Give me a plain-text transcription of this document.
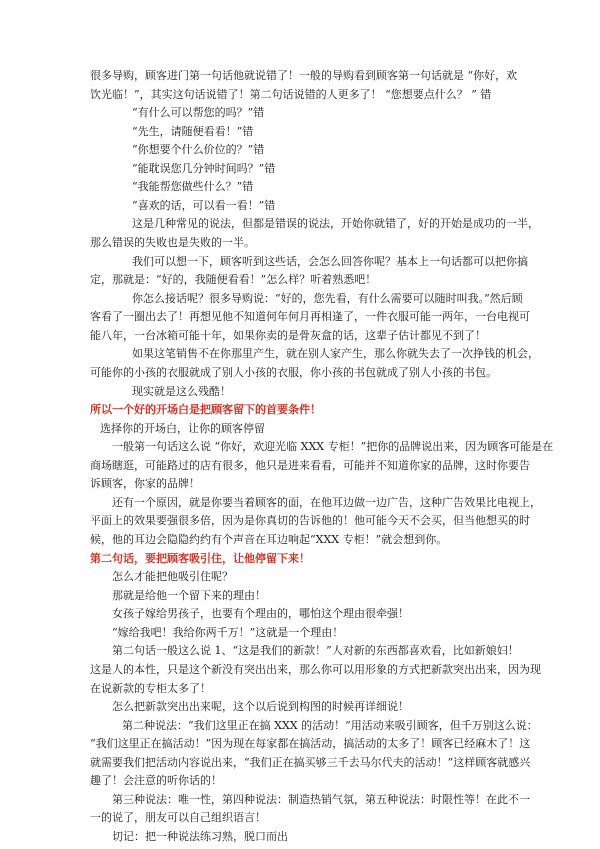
很多导购，顾客进门第一句话他就说错了！一般的导购看到顾客第一句话就是 “你好，欢
饮光临！”，其实这句话说错了！第二句话说错的人更多了！ “您想要点什么？ ” 错
“有什么可以帮您的吗？”错
“先生，请随便看看！”错
“你想要个什么价位的？”错
“能耽误您几分钟时间吗？”错
“我能帮您做些什么？”错
“喜欢的话，可以看一看！”错
这是几种常见的说法，但都是错误的说法，开始你就错了，好的开始是成功的一半，
那么错误的失败也是失败的一半。
我们可以想一下，顾客听到这些话，会怎么回答你呢？基本上一句话都可以把你搞
定，那就是：“好的，我随便看看！”怎么样？听着熟悉吧！
你怎么接话呢？很多导购说：“好的，您先看，有什么需要可以随时叫我。”然后顾
客看了一圈出去了！再想见他不知道何年何月再相逢了，一件衣服可能一两年，一台电视可
能八年，一台冰箱可能十年，如果你卖的是骨灰盒的话，这辈子估计都见不到了！
如果这笔销售不在你那里产生，就在别人家产生，那么你就失去了一次挣钱的机会，
可能你的小孩的衣服就成了别人小孩的衣服，你小孩的书包就成了别人小孩的书包。
现实就是这么残酷！
所以一个好的开场白是把顾客留下的首要条件！
选择你的开场白，让你的顾客停留
一般第一句话这么说 “你好，欢迎光临 XXX 专柜！”把你的品牌说出来，因为顾客可能是在
商场瞎逛，可能路过的店有很多，他只是进来看看，可能并不知道你家的品牌，这时你要告
诉顾客，你家的品牌！
还有一个原因，就是你要当着顾客的面，在他耳边做一边广告，这种广告效果比电视上，
平面上的效果要强很多倍，因为是你真切的告诉他的！他可能今天不会买，但当他想买的时
候，他的耳边会隐隐约约有个声音在耳边响起“XXX 专柜！”就会想到你。
第二句话，要把顾客吸引住，让他停留下来！
怎么才能把他吸引住呢？
那就是给他一个留下来的理由！
女孩子嫁给男孩子，也要有个理由的，哪怕这个理由很牵强！
“嫁给我吧！我给你两千万！”这就是一个理由！
第二句话一般这么说 1、“这是我们的新款！”人对新的东西都喜欢看，比如新娘妇！
这是人的本性，只是这个新没有突出出来，那么你可以用形象的方式把新款突出出来，因为现
在说新款的专柜太多了！
怎么把新款突出出来呢，这个以后说到构图的时候再详细说！
第二种说法：“我们这里正在搞 XXX 的活动！”用活动来吸引顾客，但千万别这么说：
“我们这里正在搞活动！”因为现在每家都在搞活动，搞活动的太多了！顾客已经麻木了！这
就需要我们把活动内容说出来，“我们正在搞买够三千去马尔代夫的活动！”这样顾客就感兴
趣了！会注意的听你话的！
第三种说法：唯一性，第四种说法：制造热销气氛，第五种说法：时限性等！在此不一
一的说了，朋友可以自己组织语言！
切记：把一种说法练习熟，脱口而出
